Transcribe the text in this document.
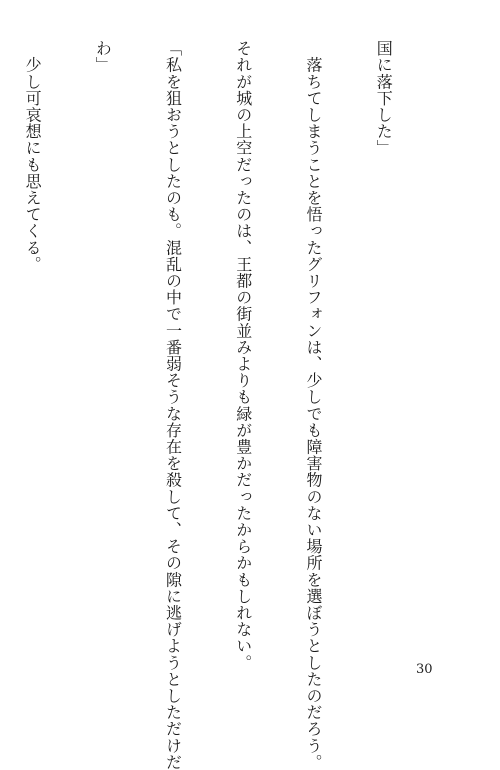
国に落下した」

　落ちてしまうことを悟ったグリフォンは、少しでも障害物のない場所を選ぼうとしたのだろう。

それが城の上空だったのは、王都の街並みよりも緑が豊かだったからかもしれない。

「私を狙おうとしたのも。混乱の中で一番弱そうな存在を殺して、その隙に逃げようとしただけだ

わ」

　少し可哀想にも思えてくる。

30
